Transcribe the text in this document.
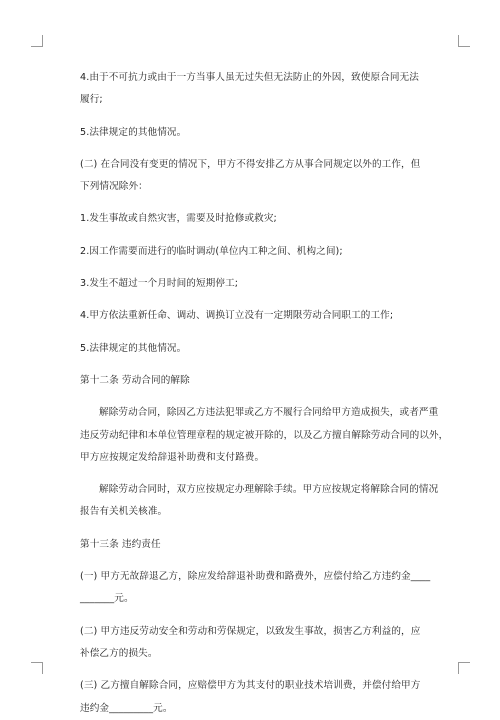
4.由于不可抗力或由于一方当事人虽无过失但无法防止的外因，致使原合同无法
履行;
5.法律规定的其他情况。
(二) 在合同没有变更的情况下，甲方不得安排乙方从事合同规定以外的工作，但
下列情况除外：
1.发生事故或自然灾害，需要及时抢修或救灾;
2.因工作需要而进行的临时调动(单位内工种之间、机构之间);
3.发生不超过一个月时间的短期停工;
4.甲方依法重新任命、调动、调换订立没有一定期限劳动合同职工的工作;
5.法律规定的其他情况。
第十二条 劳动合同的解除
解除劳动合同，除因乙方违法犯罪或乙方不履行合同给甲方造成损失，或者严重
违反劳动纪律和本单位管理章程的规定被开除的，以及乙方擅自解除劳动合同的以外，
甲方应按规定发给辞退补助费和支付路费。
解除劳动合同时，双方应按规定办理解除手续。甲方应按规定将解除合同的情况
报告有关机关核准。
第十三条 违约责任
(一) 甲方无故辞退乙方，除应发给辞退补助费和路费外，应偿付给乙方违约金____
_______元。
(二) 甲方违反劳动安全和劳动和劳保规定，以致发生事故，损害乙方利益的，应
补偿乙方的损失。
(三) 乙方擅自解除合同，应赔偿甲方为其支付的职业技术培训费，并偿付给甲方
违约金_________元。
